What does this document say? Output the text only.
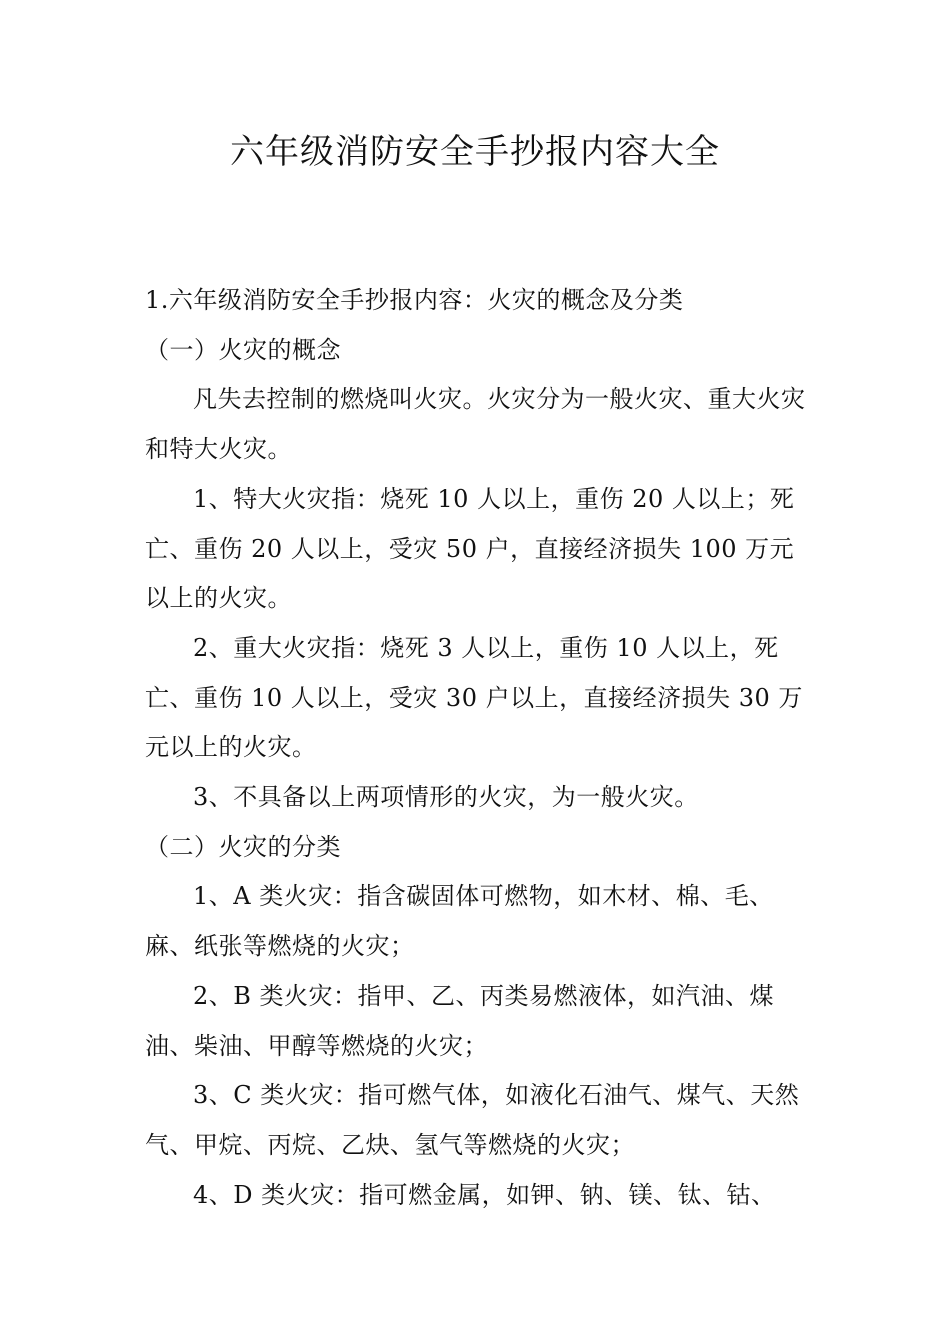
六年级消防安全手抄报内容大全

1.六年级消防安全手抄报内容：火灾的概念及分类

（一）火灾的概念

凡失去控制的燃烧叫火灾。火灾分为一般火灾、重大火灾和特大火灾。

1、特大火灾指：烧死 10 人以上，重伤 20 人以上；死亡、重伤 20 人以上，受灾 50 户，直接经济损失 100 万元以上的火灾。

2、重大火灾指：烧死 3 人以上，重伤 10 人以上，死亡、重伤 10 人以上，受灾 30 户以上，直接经济损失 30 万元以上的火灾。

3、不具备以上两项情形的火灾，为一般火灾。

（二）火灾的分类

1、A 类火灾：指含碳固体可燃物，如木材、棉、毛、麻、纸张等燃烧的火灾；

2、B 类火灾：指甲、乙、丙类易燃液体，如汽油、煤油、柴油、甲醇等燃烧的火灾；

3、C 类火灾：指可燃气体，如液化石油气、煤气、天然气、甲烷、丙烷、乙炔、氢气等燃烧的火灾；

4、D 类火灾：指可燃金属，如钾、钠、镁、钛、钴、
